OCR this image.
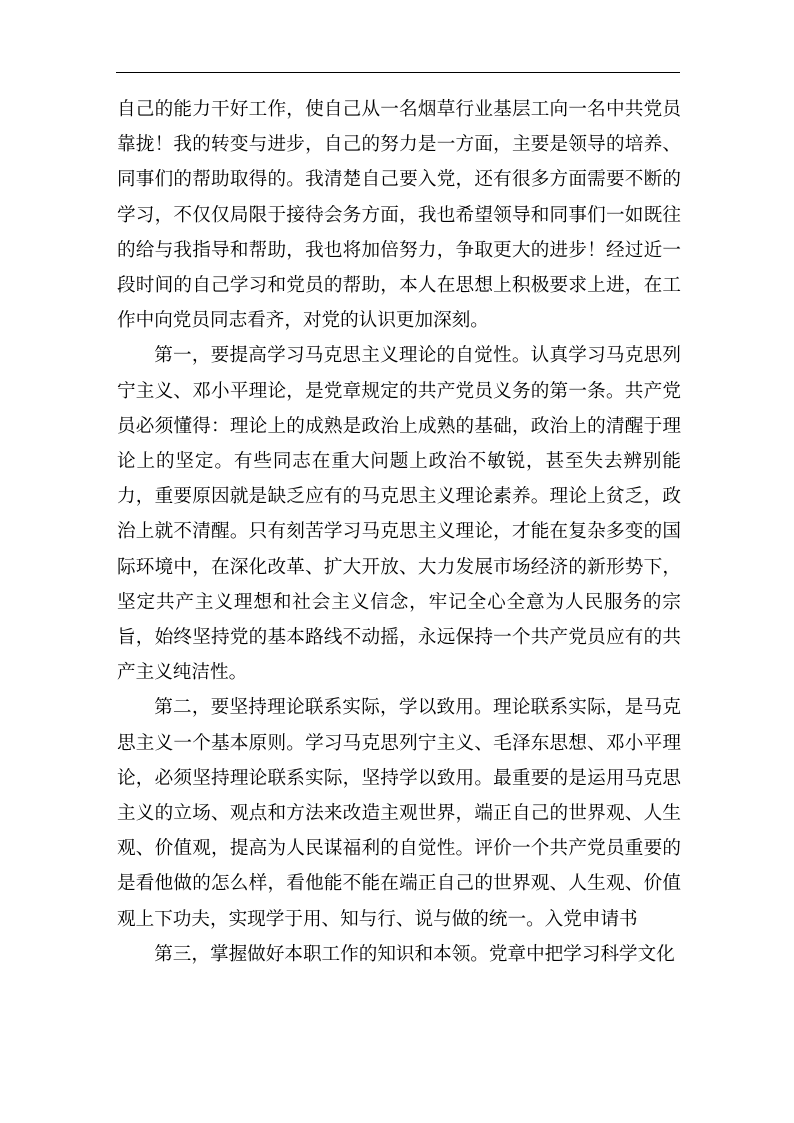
自己的能力干好工作，使自己从一名烟草行业基层工向一名中共党员靠拢！我的转变与进步，自己的努力是一方面，主要是领导的培养、同事们的帮助取得的。我清楚自己要入党，还有很多方面需要不断的学习，不仅仅局限于接待会务方面，我也希望领导和同事们一如既往的给与我指导和帮助，我也将加倍努力，争取更大的进步！经过近一段时间的自己学习和党员的帮助，本人在思想上积极要求上进，在工作中向党员同志看齐，对党的认识更加深刻。

第一，要提高学习马克思主义理论的自觉性。认真学习马克思列宁主义、邓小平理论，是党章规定的共产党员义务的第一条。共产党员必须懂得：理论上的成熟是政治上成熟的基础，政治上的清醒于理论上的坚定。有些同志在重大问题上政治不敏锐，甚至失去辨别能力，重要原因就是缺乏应有的马克思主义理论素养。理论上贫乏，政治上就不清醒。只有刻苦学习马克思主义理论，才能在复杂多变的国际环境中，在深化改革、扩大开放、大力发展市场经济的新形势下，坚定共产主义理想和社会主义信念，牢记全心全意为人民服务的宗旨，始终坚持党的基本路线不动摇，永远保持一个共产党员应有的共产主义纯洁性。

第二，要坚持理论联系实际，学以致用。理论联系实际，是马克思主义一个基本原则。学习马克思列宁主义、毛泽东思想、邓小平理论，必须坚持理论联系实际，坚持学以致用。最重要的是运用马克思主义的立场、观点和方法来改造主观世界，端正自己的世界观、人生观、价值观，提高为人民谋福利的自觉性。评价一个共产党员重要的是看他做的怎么样，看他能不能在端正自己的世界观、人生观、价值观上下功夫，实现学于用、知与行、说与做的统一。入党申请书

第三，掌握做好本职工作的知识和本领。党章中把学习科学文化
